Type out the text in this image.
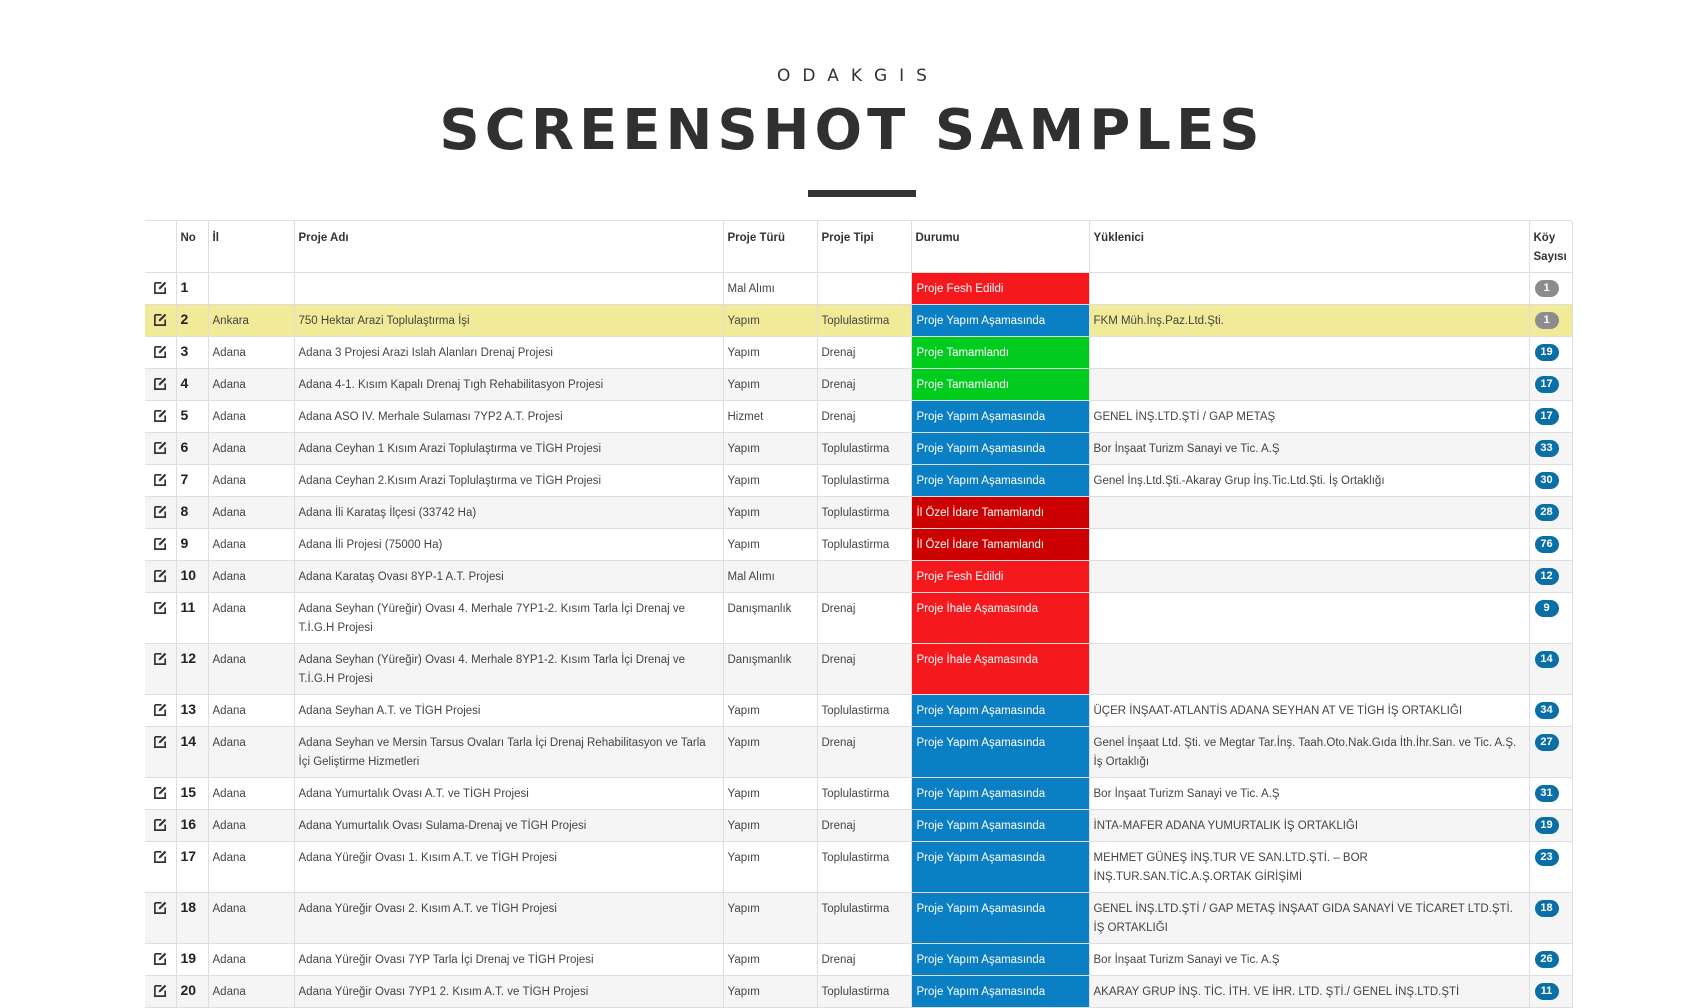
ODAKGIS
SCREENSHOT SAMPLES
	No	İl	Proje Adı	Proje Türü	Proje Tipi	Durumu	Yüklenici	Köy Sayısı
	1			Mal Alımı		Proje Fesh Edildi		1
	2	Ankara	750 Hektar Arazi Toplulaştırma İşi	Yapım	Toplulastirma	Proje Yapım Aşamasında	FKM Müh.İnş.Paz.Ltd.Şti.	1
	3	Adana	Adana 3 Projesi Arazi Islah Alanları Drenaj Projesi	Yapım	Drenaj	Proje Tamamlandı		19
	4	Adana	Adana 4-1. Kısım Kapalı Drenaj Tıgh Rehabilitasyon Projesi	Yapım	Drenaj	Proje Tamamlandı		17
	5	Adana	Adana ASO IV. Merhale Sulaması 7YP2 A.T. Projesi	Hizmet	Drenaj	Proje Yapım Aşamasında	GENEL İNŞ.LTD.ŞTİ / GAP METAŞ	17
	6	Adana	Adana Ceyhan 1 Kısım Arazi Toplulaştırma ve TİGH Projesi	Yapım	Toplulastirma	Proje Yapım Aşamasında	Bor İnşaat Turizm Sanayi ve Tic. A.Ş	33
	7	Adana	Adana Ceyhan 2.Kısım Arazi Toplulaştırma ve TİGH Projesi	Yapım	Toplulastirma	Proje Yapım Aşamasında	Genel İnş.Ltd.Şti.-Akaray Grup İnş.Tic.Ltd.Şti. İş Ortaklığı	30
	8	Adana	Adana İli Karataş İlçesi (33742 Ha)	Yapım	Toplulastirma	İl Özel İdare Tamamlandı		28
	9	Adana	Adana İli Projesi (75000 Ha)	Yapım	Toplulastirma	İl Özel İdare Tamamlandı		76
	10	Adana	Adana Karataş Ovası 8YP-1 A.T. Projesi	Mal Alımı		Proje Fesh Edildi		12
	11	Adana	Adana Seyhan (Yüreğir) Ovası 4. Merhale 7YP1-2. Kısım Tarla İçi Drenaj ve T.İ.G.H Projesi	Danışmanlık	Drenaj	Proje İhale Aşamasında		9
	12	Adana	Adana Seyhan (Yüreğir) Ovası 4. Merhale 8YP1-2. Kısım Tarla İçi Drenaj ve T.İ.G.H Projesi	Danışmanlık	Drenaj	Proje İhale Aşamasında		14
	13	Adana	Adana Seyhan A.T. ve TİGH Projesi	Yapım	Toplulastirma	Proje Yapım Aşamasında	ÜÇER İNŞAAT-ATLANTİS ADANA SEYHAN AT VE TİGH İŞ ORTAKLIĞI	34
	14	Adana	Adana Seyhan ve Mersin Tarsus Ovaları Tarla İçi Drenaj Rehabilitasyon ve Tarla İçi Geliştirme Hizmetleri	Yapım	Drenaj	Proje Yapım Aşamasında	Genel İnşaat Ltd. Şti. ve Megtar Tar.İnş. Taah.Oto.Nak.Gıda İth.İhr.San. ve Tic. A.Ş. İş Ortaklığı	27
	15	Adana	Adana Yumurtalık Ovası A.T. ve TİGH Projesi	Yapım	Toplulastirma	Proje Yapım Aşamasında	Bor İnşaat Turizm Sanayi ve Tic. A.Ş	31
	16	Adana	Adana Yumurtalık Ovası Sulama-Drenaj ve TİGH Projesi	Yapım	Drenaj	Proje Yapım Aşamasında	İNTA-MAFER ADANA YUMURTALIK İŞ ORTAKLIĞI	19
	17	Adana	Adana Yüreğir Ovası 1. Kısım A.T. ve TİGH Projesi	Yapım	Toplulastirma	Proje Yapım Aşamasında	MEHMET GÜNEŞ İNŞ.TUR VE SAN.LTD.ŞTİ. – BOR İNŞ.TUR.SAN.TİC.A.Ş.ORTAK GİRİŞİMİ	23
	18	Adana	Adana Yüreğir Ovası 2. Kısım A.T. ve TİGH Projesi	Yapım	Toplulastirma	Proje Yapım Aşamasında	GENEL İNŞ.LTD.ŞTİ / GAP METAŞ İNŞAAT GIDA SANAYİ VE TİCARET LTD.ŞTİ. İŞ ORTAKLIĞI	18
	19	Adana	Adana Yüreğir Ovası 7YP Tarla İçi Drenaj ve TİGH Projesi	Yapım	Drenaj	Proje Yapım Aşamasında	Bor İnşaat Turizm Sanayi ve Tic. A.Ş	26
	20	Adana	Adana Yüreğir Ovası 7YP1 2. Kısım A.T. ve TİGH Projesi	Yapım	Toplulastirma	Proje Yapım Aşamasında	AKARAY GRUP İNŞ. TİC. İTH. VE İHR. LTD. ŞTİ./ GENEL İNŞ.LTD.ŞTİ	11
